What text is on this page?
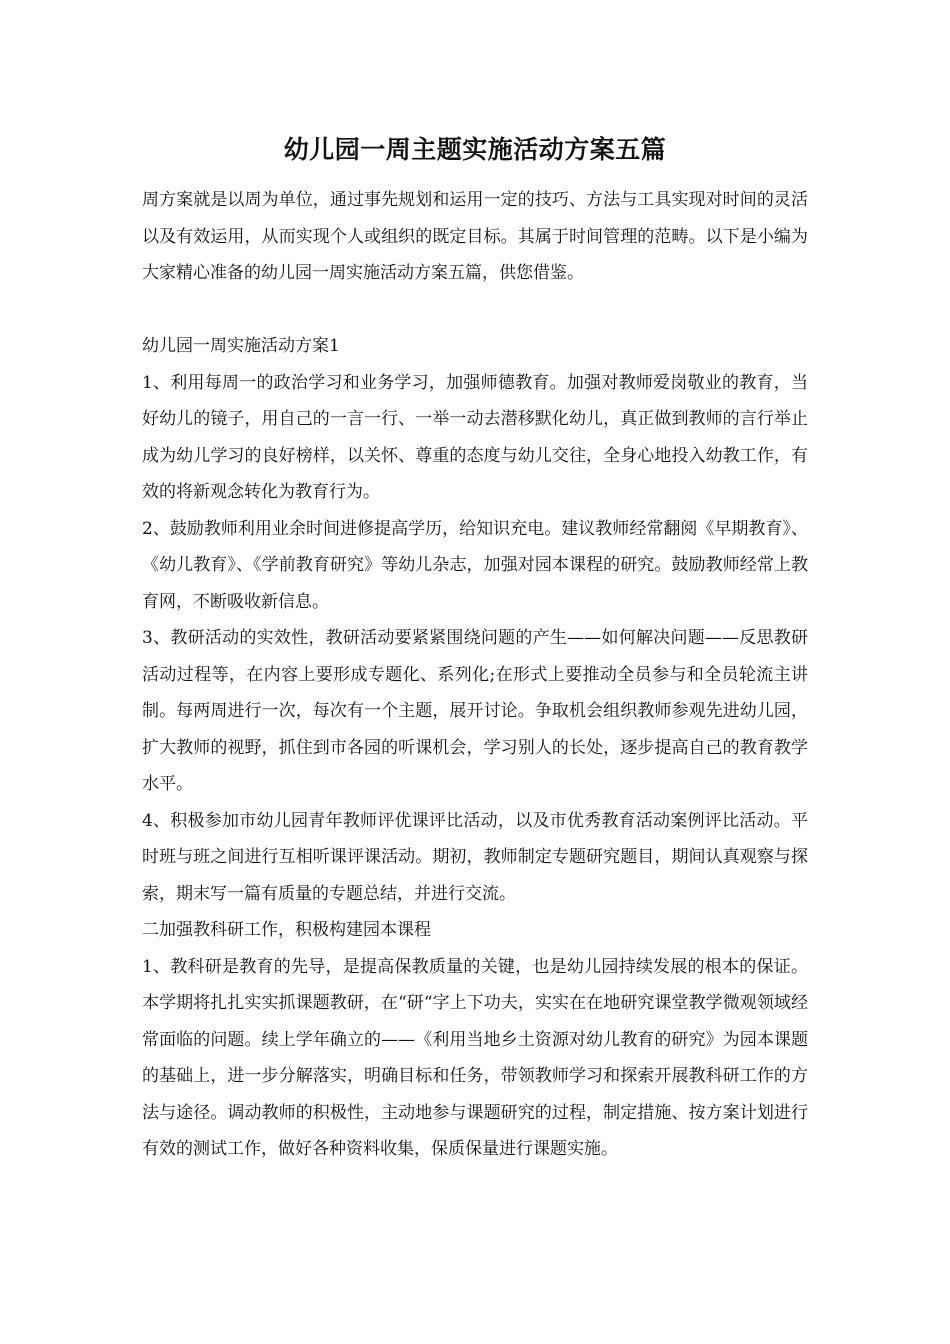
幼儿园一周主题实施活动方案五篇

周方案就是以周为单位，通过事先规划和运用一定的技巧、方法与工具实现对时间的灵活以及有效运用，从而实现个人或组织的既定目标。其属于时间管理的范畴。以下是小编为大家精心准备的幼儿园一周实施活动方案五篇，供您借鉴。

幼儿园一周实施活动方案1

1、利用每周一的政治学习和业务学习，加强师德教育。加强对教师爱岗敬业的教育，当好幼儿的镜子，用自己的一言一行、一举一动去潜移默化幼儿，真正做到教师的言行举止成为幼儿学习的良好榜样，以关怀、尊重的态度与幼儿交往，全身心地投入幼教工作，有效的将新观念转化为教育行为。

2、鼓励教师利用业余时间进修提高学历，给知识充电。建议教师经常翻阅《早期教育》、《幼儿教育》、《学前教育研究》等幼儿杂志，加强对园本课程的研究。鼓励教师经常上教育网，不断吸收新信息。

3、教研活动的实效性，教研活动要紧紧围绕问题的产生——如何解决问题——反思教研活动过程等，在内容上要形成专题化、系列化;在形式上要推动全员参与和全员轮流主讲制。每两周进行一次，每次有一个主题，展开讨论。争取机会组织教师参观先进幼儿园，扩大教师的视野，抓住到市各园的听课机会，学习别人的长处，逐步提高自己的教育教学水平。

4、积极参加市幼儿园青年教师评优课评比活动，以及市优秀教育活动案例评比活动。平时班与班之间进行互相听课评课活动。期初，教师制定专题研究题目，期间认真观察与探索，期末写一篇有质量的专题总结，并进行交流。

二加强教科研工作，积极构建园本课程

1、教科研是教育的先导，是提高保教质量的关键，也是幼儿园持续发展的根本的保证。本学期将扎扎实实抓课题教研，在“研“字上下功夫，实实在在地研究课堂教学微观领域经常面临的问题。续上学年确立的——《利用当地乡土资源对幼儿教育的研究》为园本课题的基础上，进一步分解落实，明确目标和任务，带领教师学习和探索开展教科研工作的方法与途径。调动教师的积极性，主动地参与课题研究的过程，制定措施、按方案计划进行有效的测试工作，做好各种资料收集，保质保量进行课题实施。
